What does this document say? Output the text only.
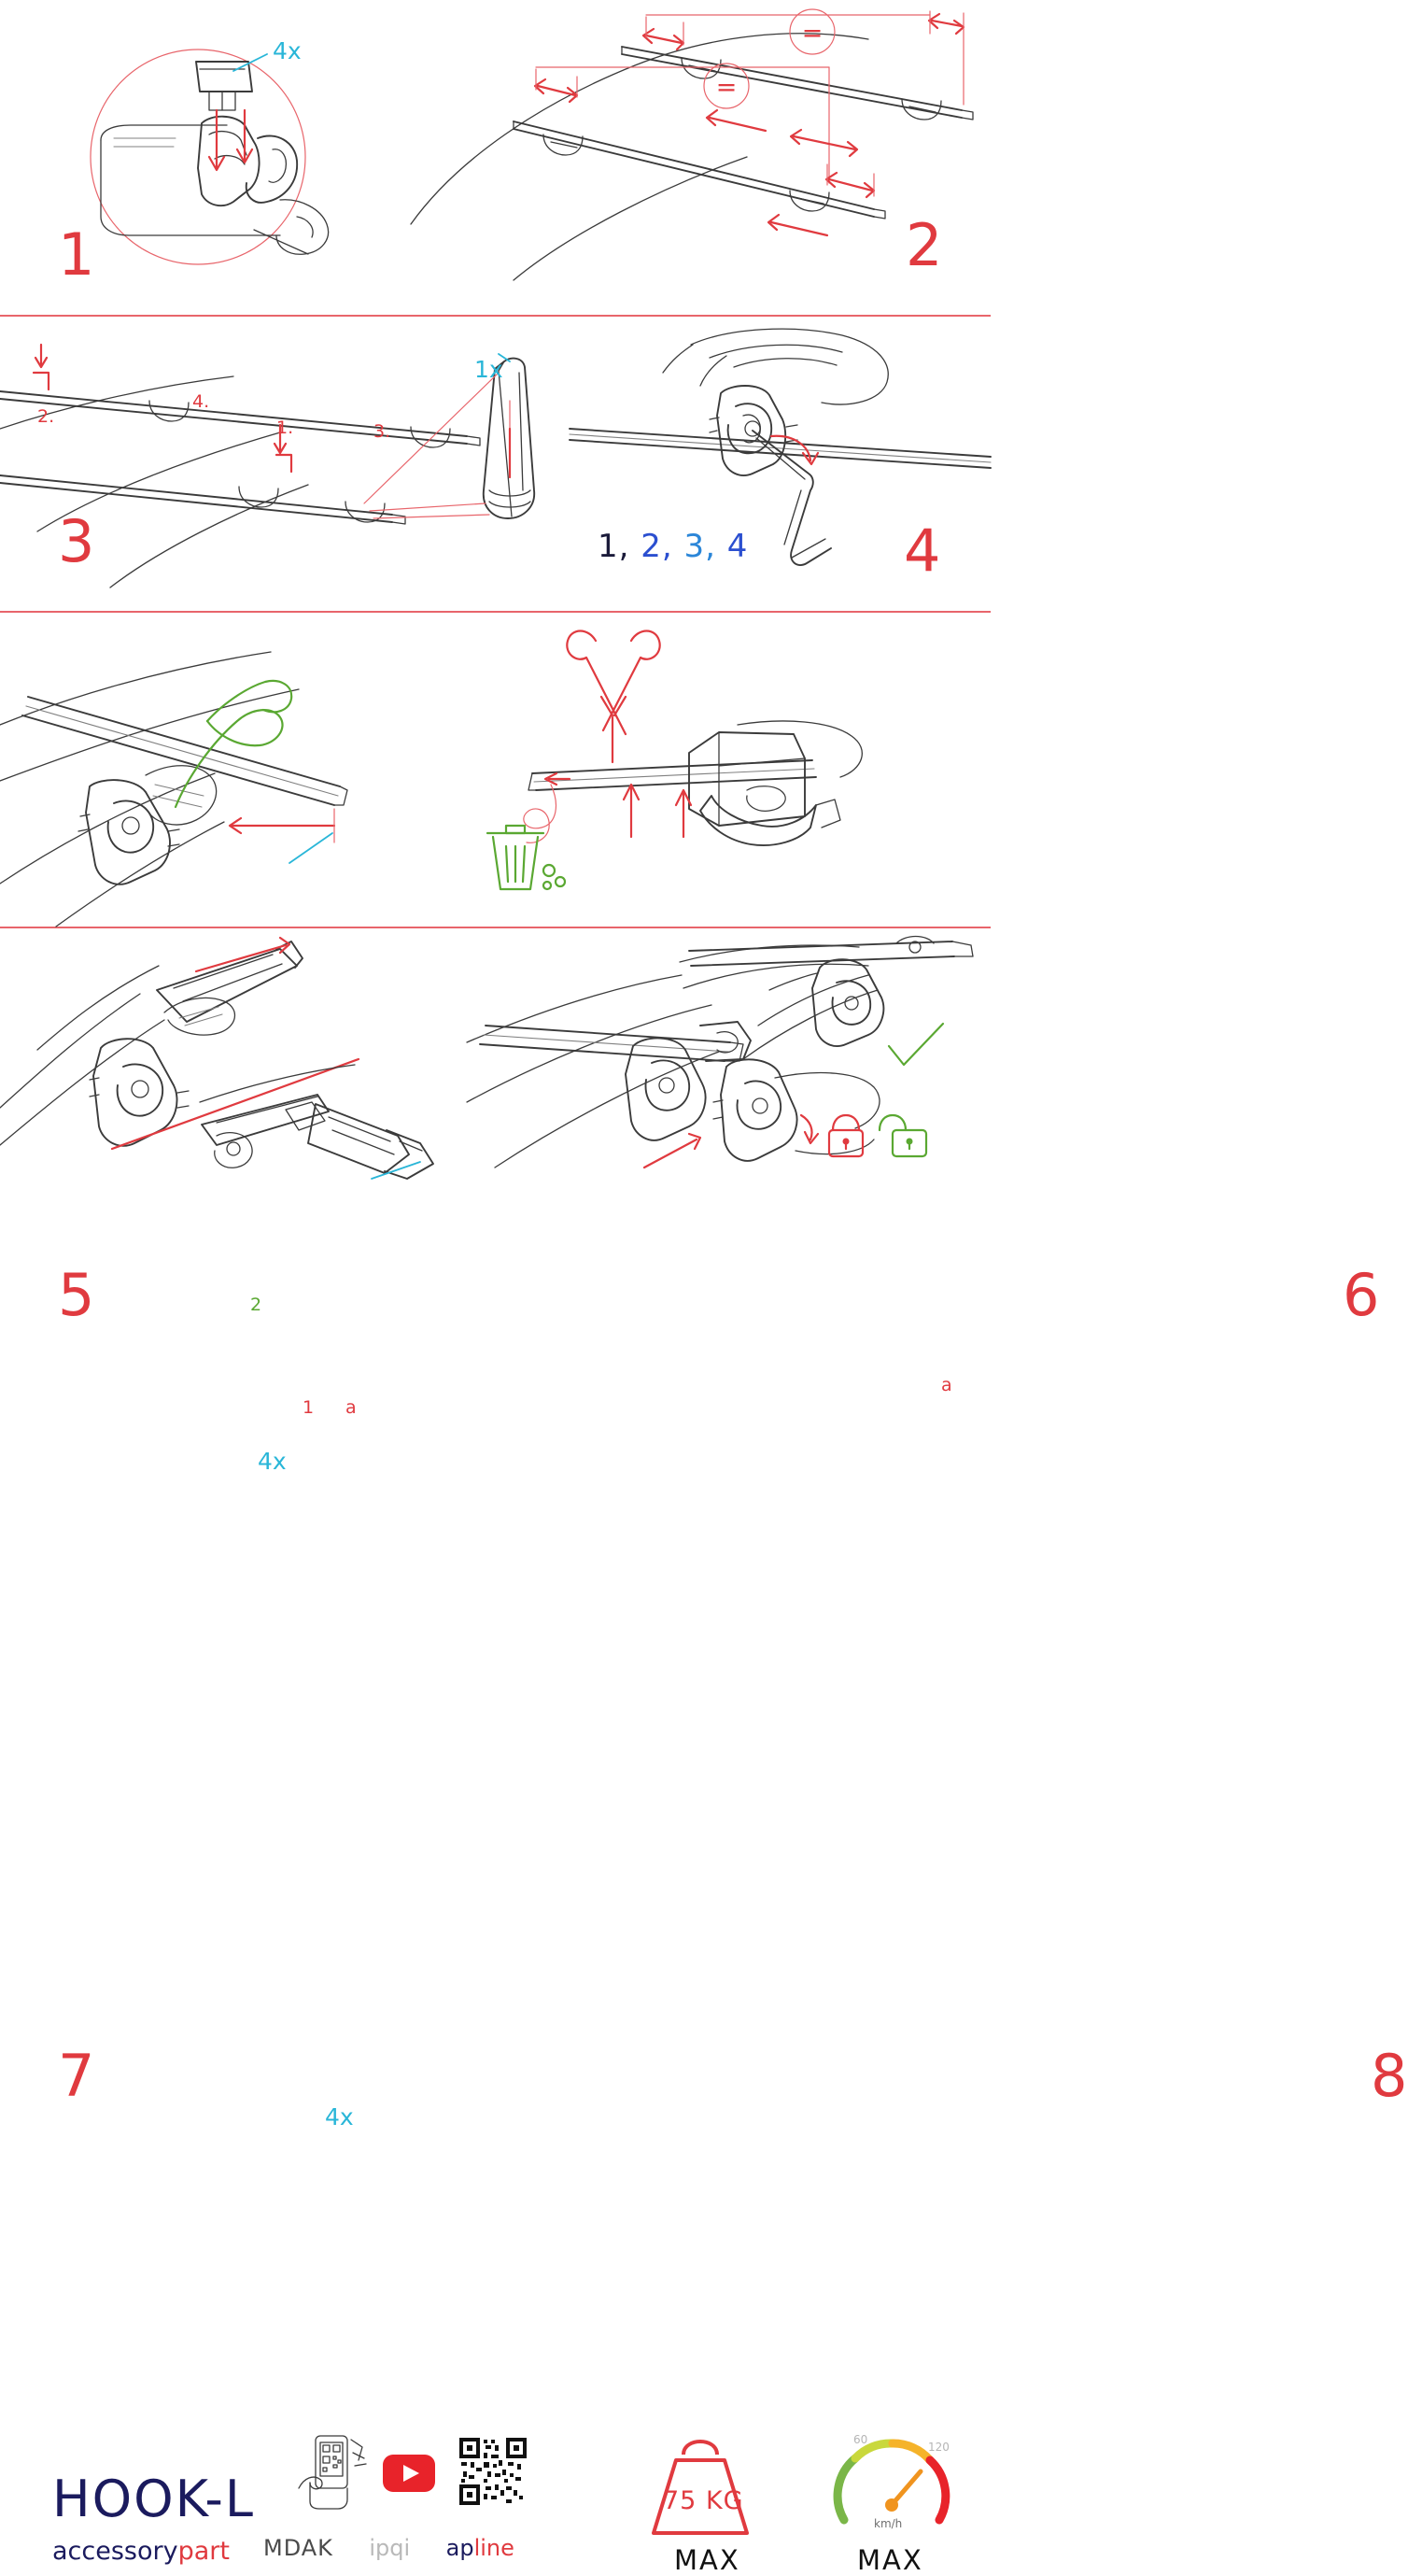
4x
1
=
=
2
1x
2.
1.	3.
4.
3	4
1, 2, 3, 4
5	2
1 a
4x
a
6
7
4x
8
HOOK-L
accessorypart MDAK ipqi apline
75 KG
MAX
60
120
km/h
MAX
